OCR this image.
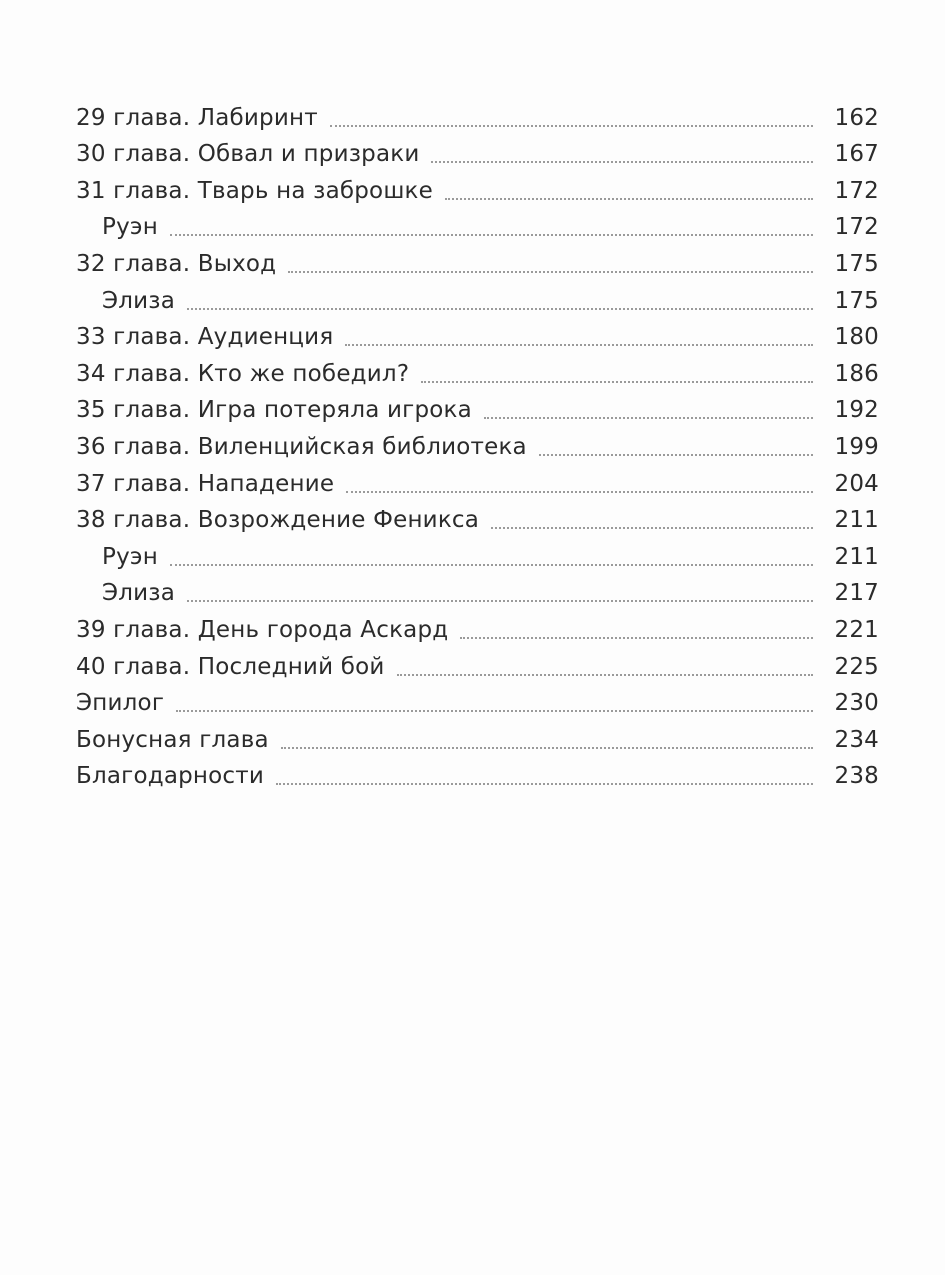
29 глава. Лабиринт	162
30 глава. Обвал и призраки	167
31 глава. Тварь на заброшке	172
Руэн	172
32 глава. Выход	175
Элиза	175
33 глава. Аудиенция	180
34 глава. Кто же победил?	186
35 глава. Игра потеряла игрока	192
36 глава. Виленцийская библиотека	199
37 глава. Нападение	204
38 глава. Возрождение Феникса	211
Руэн	211
Элиза	217
39 глава. День города Аскард	221
40 глава. Последний бой	225
Эпилог	230
Бонусная глава	234
Благодарности	238
